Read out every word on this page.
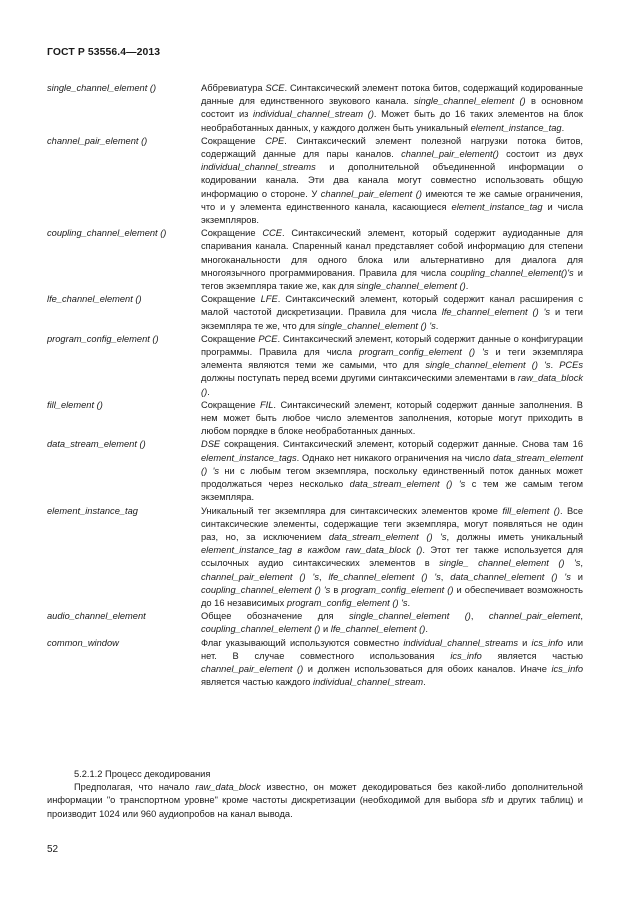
ГОСТ Р 53556.4—2013
single_channel_element ()	Аббревиатура SCE. Синтаксический элемент потока битов, содержащий кодированные данные для единственного звукового канала. single_channel_element () в основном состоит из individual_channel_stream (). Может быть до 16 таких элементов на блок необработанных данных, у каждого должен быть уникальный element_instance_tag.
channel_pair_element ()	Сокращение CPE. Синтаксический элемент полезной нагрузки потока битов, содержащий данные для пары каналов. channel_pair_element() состоит из двух individual_channel_streams и дополнительной объединенной информации о кодировании канала. Эти два канала могут совместно использовать общую информацию о стороне. У channel_pair_element () имеются те же самые ограничения, что и у элемента единственного канала, касающиеся element_instance_tag и числа экземпляров.
coupling_channel_element ()	Сокращение CCE. Синтаксический элемент, который содержит аудиоданные для спаривания канала. Спаренный канал представляет собой информацию для степени многоканальности для одного блока или альтернативно для диалога для многоязычного программирования. Правила для числа coupling_channel_element()'s и тегов экземпляра такие же, как для single_channel_element ().
lfe_channel_element ()	Сокращение LFE. Синтаксический элемент, который содержит канал расширения с малой частотой дискретизации. Правила для числа lfe_channel_element () 's и теги экземпляра те же, что для single_channel_element () 's.
program_config_element ()	Сокращение PCE. Синтаксический элемент, который содержит данные о конфигурации программы. Правила для числа program_config_element () 's и теги экземпляра элемента являются теми же самыми, что для single_channel_element () 's. PCEs должны поступать перед всеми другими синтаксическими элементами в raw_data_block ().
fill_element ()	Сокращение FIL. Синтаксический элемент, который содержит данные заполнения. В нем может быть любое число элементов заполнения, которые могут приходить в любом порядке в блоке необработанных данных.
data_stream_element ()	DSE сокращения. Синтаксический элемент, который содержит данные. Снова там 16 element_instance_tags. Однако нет никакого ограничения на число data_stream_element () 's ни с любым тегом экземпляра, поскольку единственный поток данных может продолжаться через несколько data_stream_element () 's с тем же самым тегом экземпляра.
element_instance_tag	Уникальный тег экземпляра для синтаксических элементов кроме fill_element (). Все синтаксические элементы, содержащие теги экземпляра, могут появляться не один раз, но, за исключением data_stream_element () 's, должны иметь уникальный element_instance_tag в каждом raw_data_block (). Этот тег также используется для ссылочных аудио синтаксических элементов в single_ channel_element () 's, channel_pair_element () 's, lfe_channel_element () 's, data_channel_element () 's и coupling_channel_element () 's в program_config_element () и обеспечивает возможность до 16 независимых program_config_element () 's.
audio_channel_element	Общее обозначение для single_channel_element (), channel_pair_element, coupling_channel_element () и lfe_channel_element ().
common_window	Флаг указывающий используются совместно individual_channel_streams и ics_info или нет. В случае совместного использования ics_info является частью channel_pair_element () и должен использоваться для обоих каналов. Иначе ics_info является частью каждого individual_channel_stream.
5.2.1.2 Процесс декодирования
Предполагая, что начало raw_data_block известно, он может декодироваться без какой-либо дополнительной информации "о транспортном уровне" кроме частоты дискретизации (необходимой для выбора sfb и других таблиц) и производит 1024 или 960 аудиопробов на канал вывода.
52
